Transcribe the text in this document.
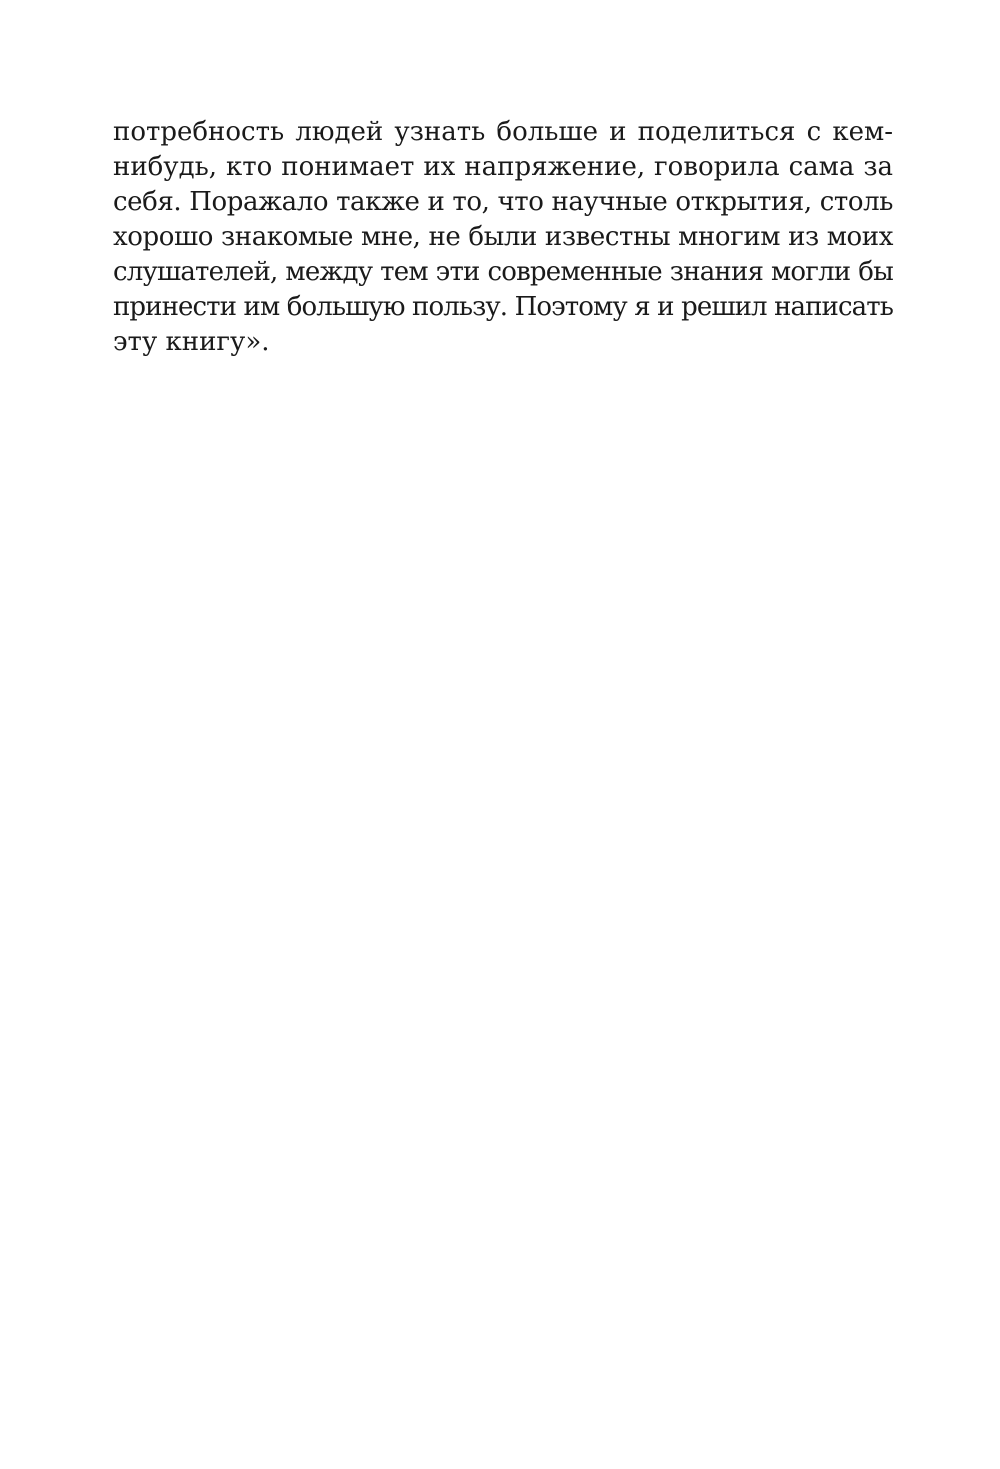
потребность людей узнать больше и поделиться с кем-
нибудь, кто понимает их напряжение, говорила сама за
себя. Поражало также и то, что научные открытия, столь
хорошо знакомые мне, не были известны многим из моих
слушателей, между тем эти современные знания могли бы
принести им большую пользу. Поэтому я и решил написать
эту книгу».
